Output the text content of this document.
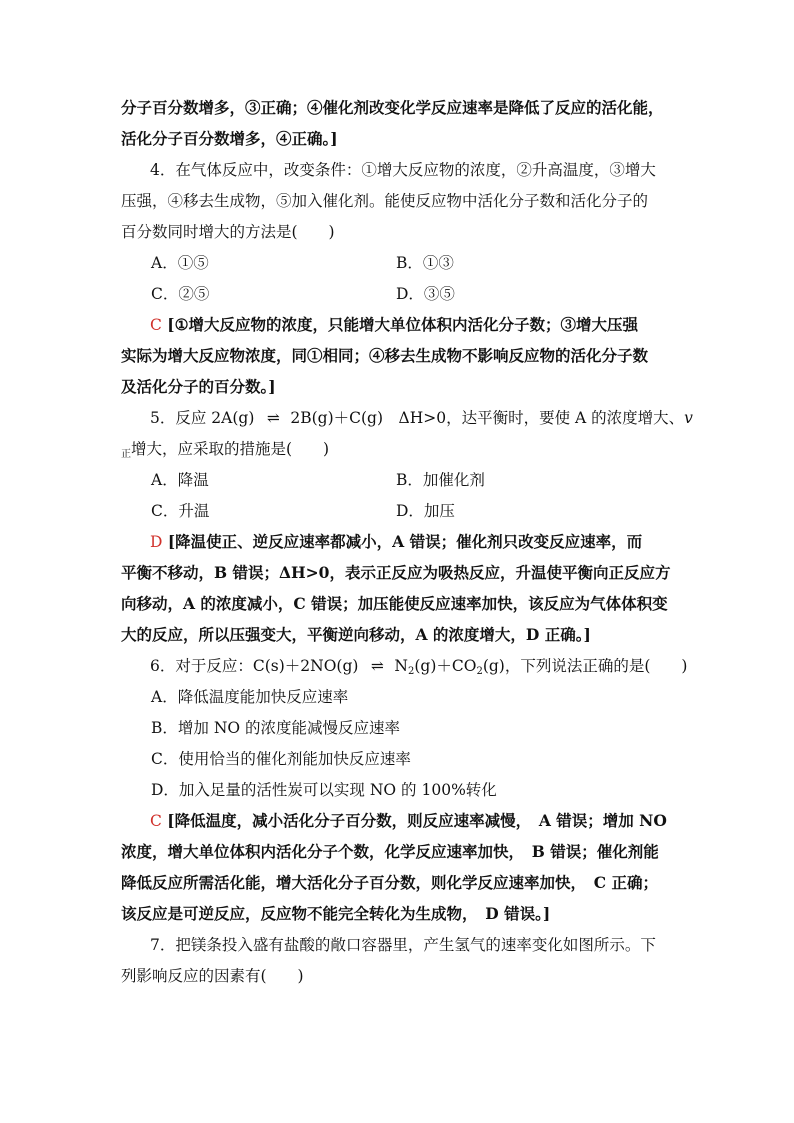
分子百分数增多，③正确；④催化剂改变化学反应速率是降低了反应的活化能，
活化分子百分数增多，④正确。]
4．在气体反应中，改变条件：①增大反应物的浓度，②升高温度，③增大
压强，④移去生成物，⑤加入催化剂。能使反应物中活化分子数和活化分子的
百分数同时增大的方法是(　　)
A．①⑤	B．①③
C．②⑤	D．③⑤
C [①增大反应物的浓度，只能增大单位体积内活化分子数；③增大压强
实际为增大反应物浓度，同①相同；④移去生成物不影响反应物的活化分子数
及活化分子的百分数。]
5．反应 2A(g) ⇌ 2B(g)＋C(g)　ΔH>0，达平衡时，要使 A 的浓度增大、v
$_正$增大，应采取的措施是(　　)
A．降温	B．加催化剂
C．升温	D．加压
D [降温使正、逆反应速率都减小，A 错误；催化剂只改变反应速率，而
平衡不移动，B 错误；ΔH>0，表示正反应为吸热反应，升温使平衡向正反应方
向移动，A 的浓度减小，C 错误；加压能使反应速率加快，该反应为气体体积变
大的反应，所以压强变大，平衡逆向移动，A 的浓度增大，D 正确。]
6．对于反应：C(s)＋2NO(g) ⇌ $N_2(g)+CO_2(g)$，下列说法正确的是(　　)
A．降低温度能加快反应速率
B．增加 NO 的浓度能减慢反应速率
C．使用恰当的催化剂能加快反应速率
D．加入足量的活性炭可以实现 NO 的 100%转化
C [降低温度，减小活化分子百分数，则反应速率减慢，　A 错误；增加 NO
浓度，增大单位体积内活化分子个数，化学反应速率加快，　B 错误；催化剂能
降低反应所需活化能，增大活化分子百分数，则化学反应速率加快，　C 正确；
该反应是可逆反应，反应物不能完全转化为生成物，　D 错误。]
7．把镁条投入盛有盐酸的敞口容器里，产生氢气的速率变化如图所示。下
列影响反应的因素有(　　)
